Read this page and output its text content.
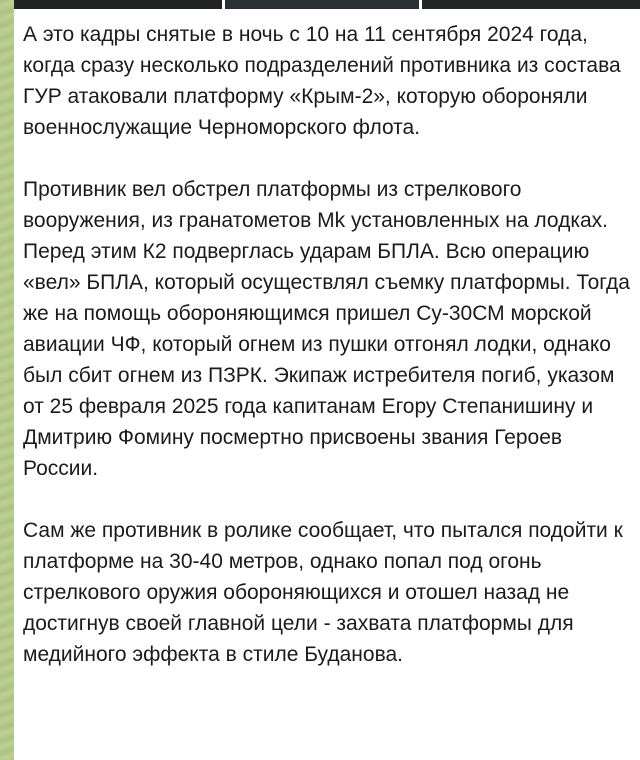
А это кадры снятые в ночь с 10 на 11 сентября 2024 года, когда сразу несколько подразделений противника из состава ГУР атаковали платформу «Крым-2», которую обороняли военнослужащие Черноморского флота.

Противник вел обстрел платформы из стрелкового вооружения, из гранатометов Mk установленных на лодках. Перед этим К2 подверглась ударам БПЛА. Всю операцию «вел» БПЛА, который осуществлял съемку платформы. Тогда же на помощь обороняющимся пришел Су-30СМ морской авиации ЧФ, который огнем из пушки отгонял лодки, однако был сбит огнем из ПЗРК. Экипаж истребителя погиб, указом от 25 февраля 2025 года капитанам Егору Степанишину и Дмитрию Фомину посмертно присвоены звания Героев России.

Сам же противник в ролике сообщает, что пытался подойти к платформе на 30-40 метров, однако попал под огонь стрелкового оружия обороняющихся и отошел назад не достигнув своей главной цели - захвата платформы для медийного эффекта в стиле Буданова.
